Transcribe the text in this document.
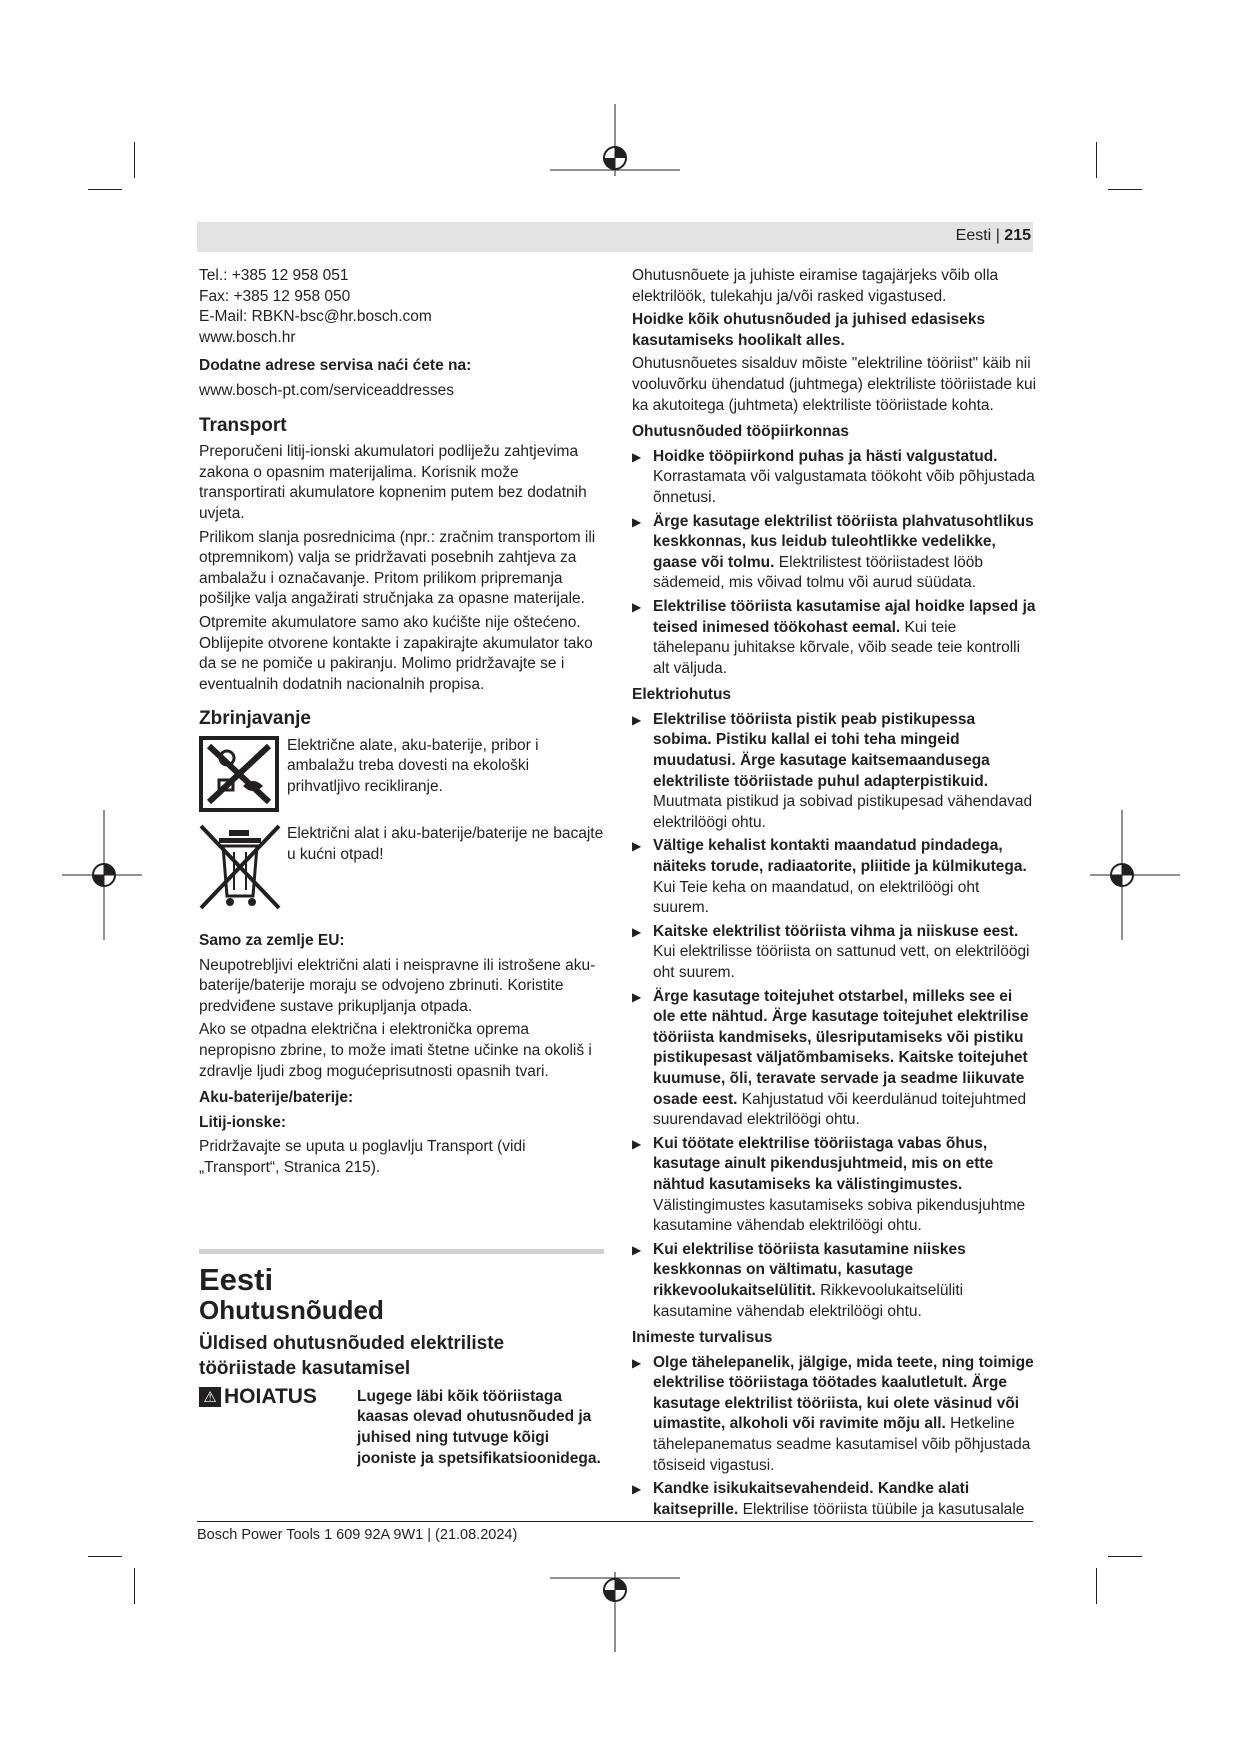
Eesti | 215
Tel.: +385 12 958 051
Fax: +385 12 958 050
E-Mail: RBKN-bsc@hr.bosch.com
www.bosch.hr

Dodatne adrese servisa naći ćete na:

www.bosch-pt.com/serviceaddresses

Transport

Preporučeni litij-ionski akumulatori podliježu zahtjevima zakona o opasnim materijalima. Korisnik može transportirati akumulatore kopnenim putem bez dodatnih uvjeta.

Prilikom slanja posrednicima (npr.: zračnim transportom ili otpremnikom) valja se pridržavati posebnih zahtjeva za ambalažu i označavanje. Pritom prilikom pripremanja pošiljke valja angažirati stručnjaka za opasne materijale.

Otpremite akumulatore samo ako kućište nije oštećeno. Oblijepite otvorene kontakte i zapakirajte akumulator tako da se ne pomiče u pakiranju. Molimo pridržavajte se i eventualnih dodatnih nacionalnih propisa.

Zbrinjavanje
Električne alate, aku-baterije, pribor i ambalažu treba dovesti na ekološki prihvatljivo recikliranje.
Električni alat i aku-baterije/baterije ne bacajte u kućni otpad!

Samo za zemlje EU:

Neupotrebljivi električni alati i neispravne ili istrošene aku-baterije/baterije moraju se odvojeno zbrinuti. Koristite predviđene sustave prikupljanja otpada.

Ako se otpadna električna i elektronička oprema nepropisno zbrine, to može imati štetne učinke na okoliš i zdravlje ljudi zbog mogućeprisutnosti opasnih tvari.

Aku-baterije/baterije:

Litij-ionske:

Pridržavajte se uputa u poglavlju Transport (vidi „Transport“, Stranica 215).

Eesti
Ohutusnõuded
Üldised ohutusnõuded elektriliste tööriistade kasutamisel
⚠ HOIATUS	Lugege läbi kõik tööriistaga kaasas olevad ohutusnõuded ja juhised ning tutvuge kõigi jooniste ja spetsifikatsioonidega.

Ohutusnõuete ja juhiste eiramise tagajärjeks võib olla elektrilöök, tulekahju ja/või rasked vigastused.

Hoidke kõik ohutusnõuded ja juhised edasiseks kasutamiseks hoolikalt alles.

Ohutusnõuetes sisalduv mõiste "elektriline tööriist" käib nii vooluvõrku ühendatud (juhtmega) elektriliste tööriistade kui ka akutoitega (juhtmeta) elektriliste tööriistade kohta.

Ohutusnõuded tööpiirkonnas

▶ Hoidke tööpiirkond puhas ja hästi valgustatud. Korrastamata või valgustamata töökoht võib põhjustada õnnetusi.
▶ Ärge kasutage elektrilist tööriista plahvatusohtlikus keskkonnas, kus leidub tuleohtlikke vedelikke, gaase või tolmu. Elektrilistest tööriistadest lööb sädemeid, mis võivad tolmu või aurud süüdata.
▶ Elektrilise tööriista kasutamise ajal hoidke lapsed ja teised inimesed töökohast eemal. Kui teie tähelepanu juhitakse kõrvale, võib seade teie kontrolli alt väljuda.

Elektriohutus

▶ Elektrilise tööriista pistik peab pistikupessa sobima. Pistiku kallal ei tohi teha mingeid muudatusi. Ärge kasutage kaitsemaandusega elektriliste tööriistade puhul adapterpistikuid. Muutmata pistikud ja sobivad pistikupesad vähendavad elektrilöögi ohtu.
▶ Vältige kehalist kontakti maandatud pindadega, näiteks torude, radiaatorite, pliitide ja külmikutega. Kui Teie keha on maandatud, on elektrilöögi oht suurem.
▶ Kaitske elektrilist tööriista vihma ja niiskuse eest. Kui elektrilisse tööriista on sattunud vett, on elektrilöögi oht suurem.
▶ Ärge kasutage toitejuhet otstarbel, milleks see ei ole ette nähtud. Ärge kasutage toitejuhet elektrilise tööriista kandmiseks, ülesriputamiseks või pistiku pistikupesast väljatõmbamiseks. Kaitske toitejuhet kuumuse, õli, teravate servade ja seadme liikuvate osade eest. Kahjustatud või keerdulänud toitejuhtmed suurendavad elektrilöögi ohtu.
▶ Kui töötate elektrilise tööriistaga vabas õhus, kasutage ainult pikendusjuhtmeid, mis on ette nähtud kasutamiseks ka välistingimustes. Välistingimustes kasutamiseks sobiva pikendusjuhtme kasutamine vähendab elektrilöögi ohtu.
▶ Kui elektrilise tööriista kasutamine niiskes keskkonnas on vältimatu, kasutage rikkevoolukaitselülitit. Rikkevoolukaitselüliti kasutamine vähendab elektrilöögi ohtu.

Inimeste turvalisus

▶ Olge tähelepanelik, jälgige, mida teete, ning toimige elektrilise tööriistaga töötades kaalutletult. Ärge kasutage elektrilist tööriista, kui olete väsinud või uimastite, alkoholi või ravimite mõju all. Hetkeline tähelepanematus seadme kasutamisel võib põhjustada tõsiseid vigastusi.
▶ Kandke isikukaitsevahendeid. Kandke alati kaitseprille. Elektrilise tööriista tüübile ja kasutusalale
Bosch Power Tools 1 609 92A 9W1 | (21.08.2024)
